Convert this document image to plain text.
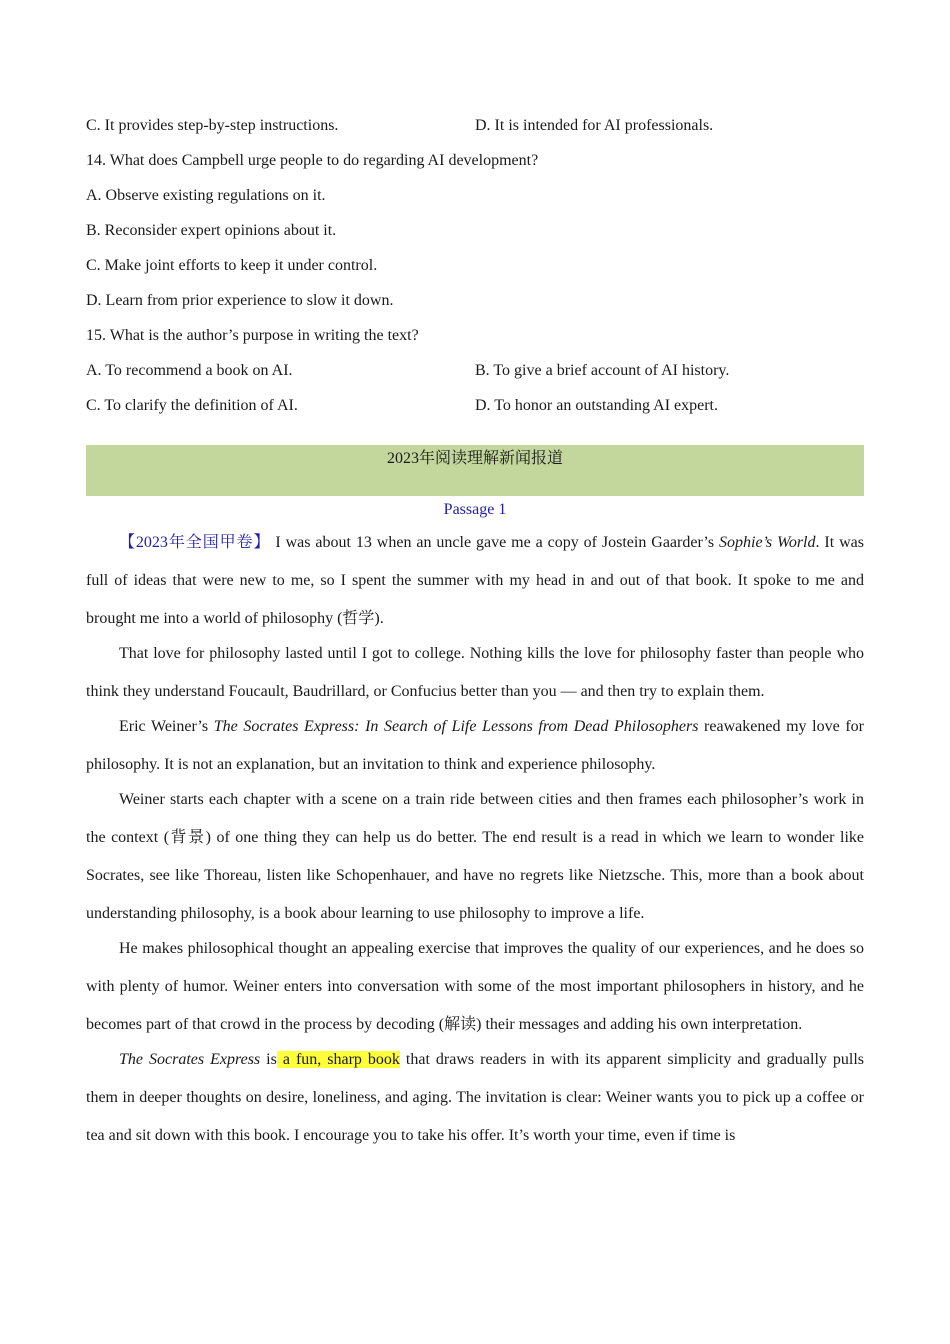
C. It provides step-by-step instructions.	D. It is intended for AI professionals.
14. What does Campbell urge people to do regarding AI development?
A. Observe existing regulations on it.
B. Reconsider expert opinions about it.
C. Make joint efforts to keep it under control.
D. Learn from prior experience to slow it down.
15. What is the author’s purpose in writing the text?
A. To recommend a book on AI.	B. To give a brief account of AI history.
C. To clarify the definition of AI.	D. To honor an outstanding AI expert.
2023年阅读理解新闻报道
Passage 1

【2023年全国甲卷】 I was about 13 when an uncle gave me a copy of Jostein Gaarder’s Sophie’s World. It was full of ideas that were new to me, so I spent the summer with my head in and out of that book. It spoke to me and brought me into a world of philosophy (哲学).

That love for philosophy lasted until I got to college. Nothing kills the love for philosophy faster than people who think they understand Foucault, Baudrillard, or Confucius better than you — and then try to explain them.

Eric Weiner’s The Socrates Express: In Search of Life Lessons from Dead Philosophers reawakened my love for philosophy. It is not an explanation, but an invitation to think and experience philosophy.

Weiner starts each chapter with a scene on a train ride between cities and then frames each philosopher’s work in the context (背景) of one thing they can help us do better. The end result is a read in which we learn to wonder like Socrates, see like Thoreau, listen like Schopenhauer, and have no regrets like Nietzsche. This, more than a book about understanding philosophy, is a book abour learning to use philosophy to improve a life.

He makes philosophical thought an appealing exercise that improves the quality of our experiences, and he does so with plenty of humor. Weiner enters into conversation with some of the most important philosophers in history, and he becomes part of that crowd in the process by decoding (解读) their messages and adding his own interpretation.

The Socrates Express is a fun, sharp book that draws readers in with its apparent simplicity and gradually pulls them in deeper thoughts on desire, loneliness, and aging. The invitation is clear: Weiner wants you to pick up a coffee or tea and sit down with this book. I encourage you to take his offer. It’s worth your time, even if time is
